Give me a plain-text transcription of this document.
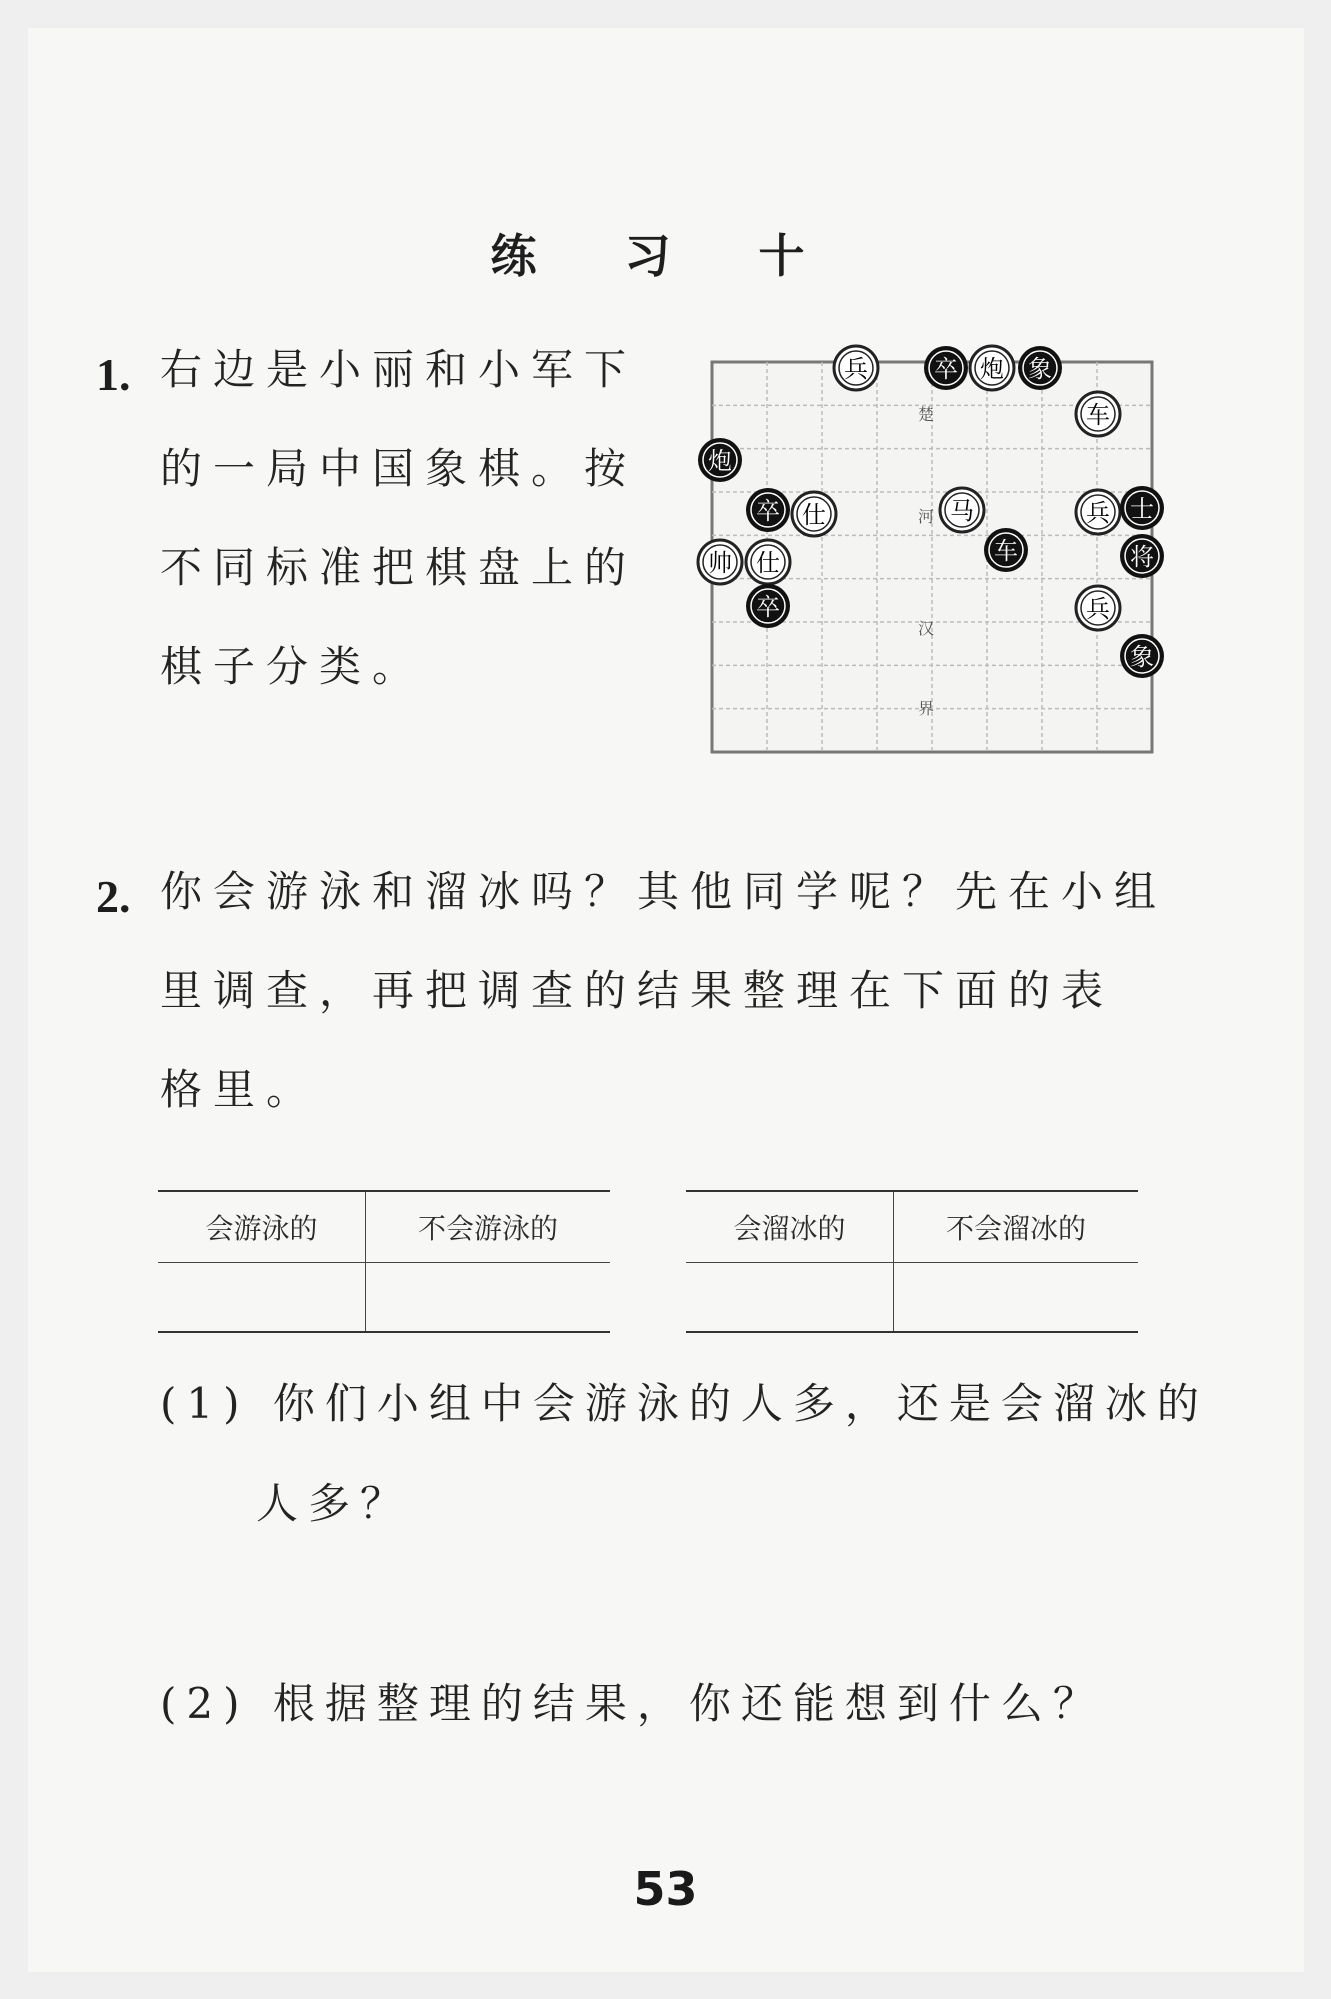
练 习 十
1. 右边是小丽和小军下
的一局中国象棋。按
不同标准把棋盘上的
棋子分类。
楚
河
汉
界
兵
车
兵
兵
马
仕
帅 仕
炮
卒	象
炮
卒
车	将
士
卒
象
2. 你会游泳和溜冰吗？其他同学呢？先在小组
里调查，再把调查的结果整理在下面的表
格里。
会游泳的	不会游泳的
		会溜冰的	不会溜冰的

(1) 你们小组中会游泳的人多，还是会溜冰的
人多？
(2) 根据整理的结果，你还能想到什么？
53
